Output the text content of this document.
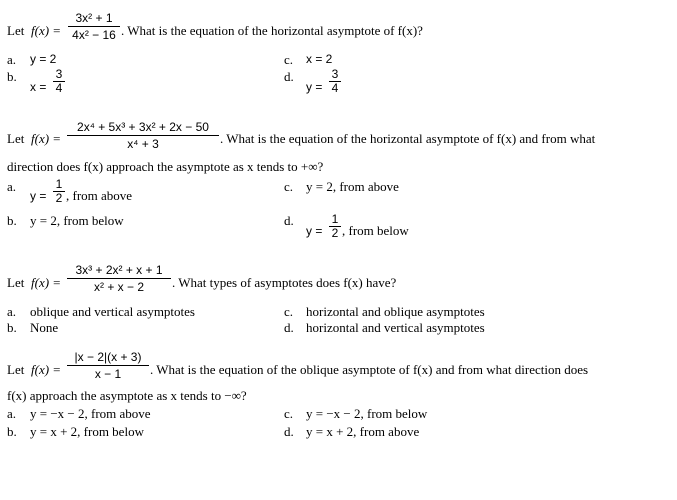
Let $f(x) = \frac{\text{3x² + 1}}{\text{4x² − 16}}$ . What is the equation of the horizontal asymptote of f(x)?
a. y = 2
b.
$x = \frac{3}{4}$
c. x = 2
d.
$y = \frac{3}{4}$
Let $f(x) = \frac{\text{2x⁴ + 5x³ + 3x² + 2x − 50}}{\text{x⁴ + 3}}$ . What is the equation of the horizontal asymptote of f(x) and from what
direction does f(x) approach the asymptote as x tends to +∞?
a.
$y = \frac{1}{2}$ , from above
b. y = 2, from below
c. y = 2, from above
d.
$y = \frac{1}{2}$ , from below
Let $f(x) = \frac{\text{3x³ + 2x² + x + 1}}{\text{x² + x − 2}}$ . What types of asymptotes does f(x) have?
a. oblique and vertical asymptotes
b. None
c. horizontal and oblique asymptotes
d. horizontal and vertical asymptotes
Let $f(x) = \frac{|x - 2|(x + 3)}{x - 1}$ . What is the equation of the oblique asymptote of f(x) and from what direction does
f(x) approach the asymptote as x tends to −∞?
a. y = −x − 2, from above
b. y = x + 2, from below
c. y = −x − 2, from below
d. y = x + 2, from above
